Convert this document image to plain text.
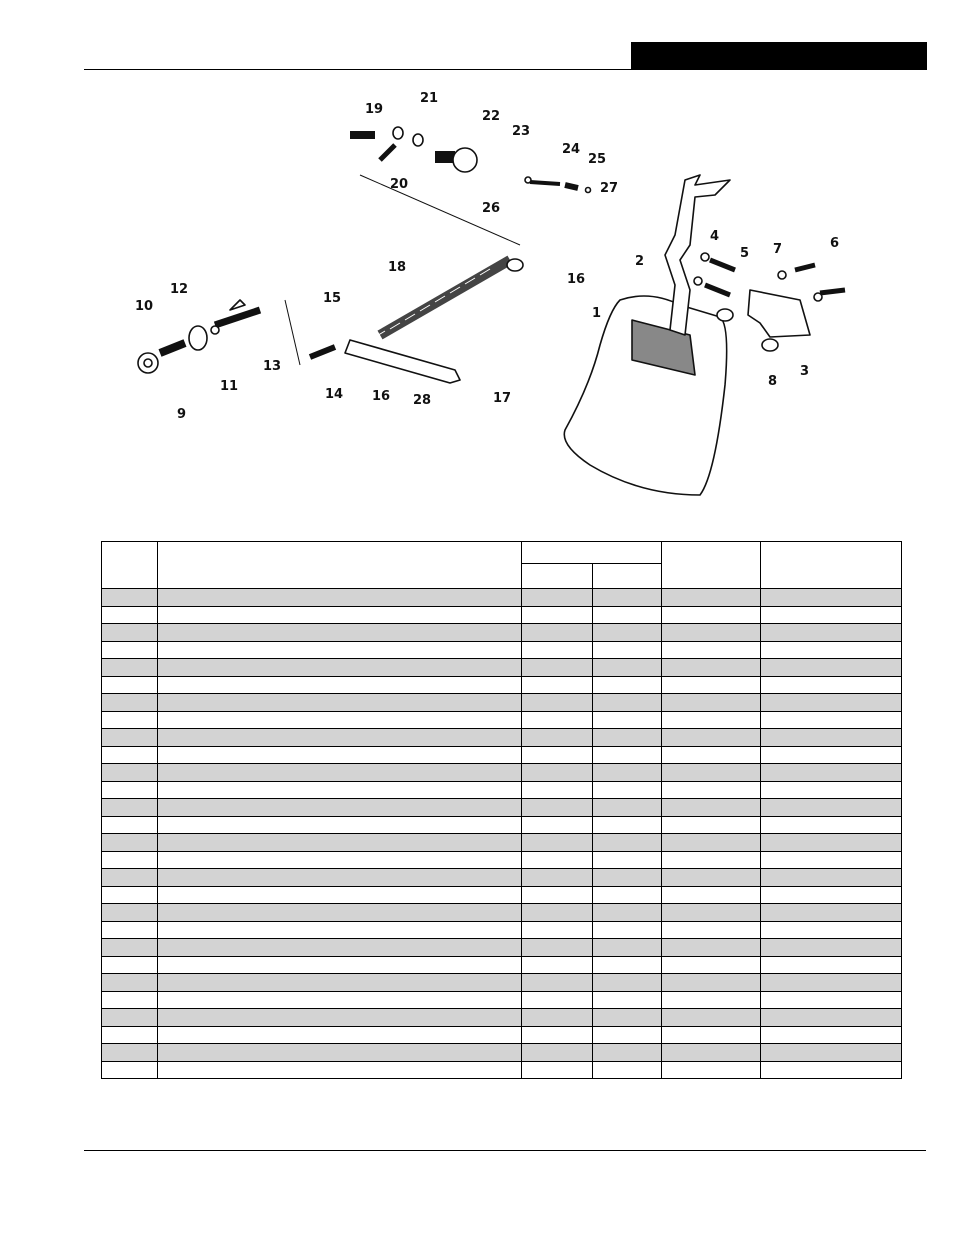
1
2
3
4
5
6
7
8
9
10
11
12
13
14
15
16
16	17
18
19
20
21
22
23
24
25
26
27
28
